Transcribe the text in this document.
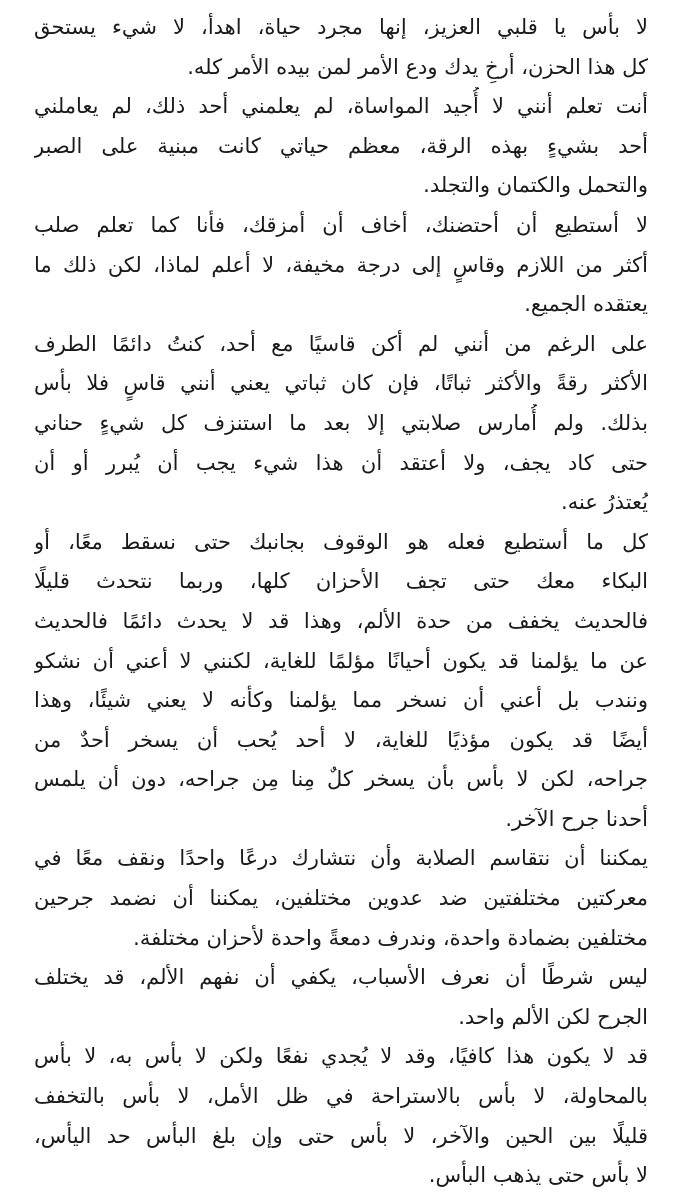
لا بأس يا قلبي العزيز، إنها مجرد حياة، اهدأ، لا شيء يستحق
كل هذا الحزن، أرخِ يدك ودع الأمر لمن بيده الأمر كله.
أنت تعلم أنني لا أُجيد المواساة، لم يعلمني أحد ذلك، لم يعاملني
أحد بشيءٍ بهذه الرقة، معظم حياتي كانت مبنية على الصبر
والتحمل والكتمان والتجلد.
لا أستطيع أن أحتضنك، أخاف أن أمزقك، فأنا كما تعلم صلب
أكثر من اللازم وقاسٍ إلى درجة مخيفة، لا أعلم لماذا، لكن ذلك ما
يعتقده الجميع.
على الرغم من أنني لم أكن قاسيًا مع أحد، كنتُ دائمًا الطرف
الأكثر رقةً والأكثر ثباتًا، فإن كان ثباتي يعني أنني قاسٍ فلا بأس
بذلك. ولم أُمارس صلابتي إلا بعد ما استنزف كل شيءٍ حناني
حتى كاد يجف، ولا أعتقد أن هذا شيء يجب أن يُبرر أو أن
يُعتذرُ عنه.
كل ما أستطيع فعله هو الوقوف بجانبك حتى نسقط معًا، أو
البكاء معك حتى تجف الأحزان كلها، وربما نتحدث قليلًا
فالحديث يخفف من حدة الألم، وهذا قد لا يحدث دائمًا فالحديث
عن ما يؤلمنا قد يكون أحيانًا مؤلمًا للغاية، لكنني لا أعني أن نشكو
ونندب بل أعني أن نسخر مما يؤلمنا وكأنه لا يعني شيئًا، وهذا
أيضًا قد يكون مؤذيًا للغاية، لا أحد يُحب أن يسخر أحدٌ من
جراحه، لكن لا بأس بأن يسخر كلٌ مِنا مِن جراحه، دون أن يلمس
أحدنا جرح الآخر.
يمكننا أن نتقاسم الصلابة وأن نتشارك درعًا واحدًا ونقف معًا في
معركتين مختلفتين ضد عدوين مختلفين، يمكننا أن نضمد جرحين
مختلفين بضمادة واحدة، وندرف دمعةً واحدة لأحزان مختلفة.
ليس شرطًا أن نعرف الأسباب، يكفي أن نفهم الألم، قد يختلف
الجرح لكن الألم واحد.
قد لا يكون هذا كافيًا، وقد لا يُجدي نفعًا ولكن لا بأس به، لا بأس
بالمحاولة، لا بأس بالاستراحة في ظل الأمل، لا بأس بالتخفف
قليلًا بين الحين والآخر، لا بأس حتى وإن بلغ البأس حد اليأس،
لا بأس حتى يذهب البأس.
